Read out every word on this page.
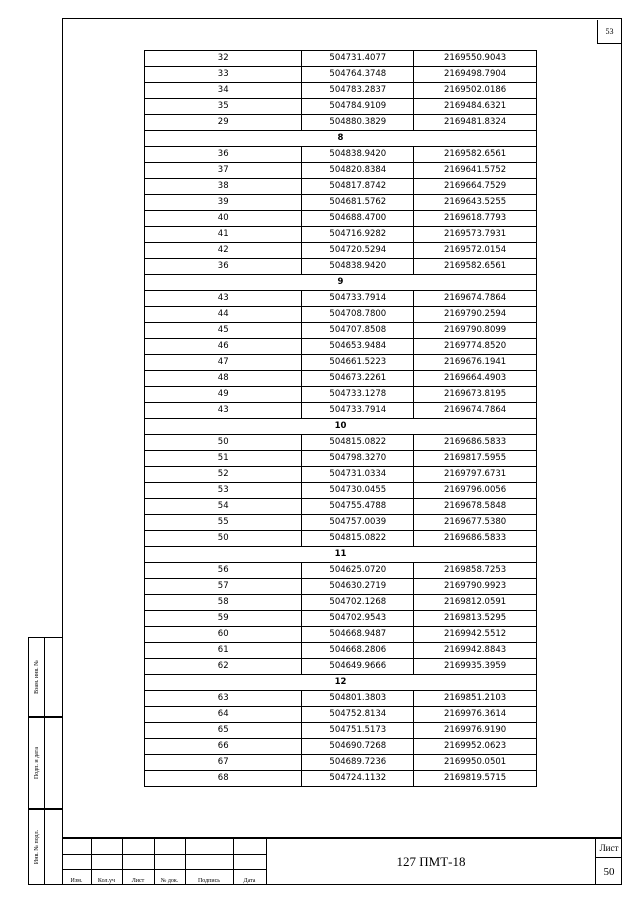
53
Взам. инв. №
Подп. и дата
Инв. № подл.
32	504731.4077	2169550.9043
33	504764.3748	2169498.7904
34	504783.2837	2169502.0186
35	504784.9109	2169484.6321
29	504880.3829	2169481.8324
8		
36	504838.9420	2169582.6561
37	504820.8384	2169641.5752
38	504817.8742	2169664.7529
39	504681.5762	2169643.5255
40	504688.4700	2169618.7793
41	504716.9282	2169573.7931
42	504720.5294	2169572.0154
36	504838.9420	2169582.6561
9		
43	504733.7914	2169674.7864
44	504708.7800	2169790.2594
45	504707.8508	2169790.8099
46	504653.9484	2169774.8520
47	504661.5223	2169676.1941
48	504673.2261	2169664.4903
49	504733.1278	2169673.8195
43	504733.7914	2169674.7864
10		
50	504815.0822	2169686.5833
51	504798.3270	2169817.5955
52	504731.0334	2169797.6731
53	504730.0455	2169796.0056
54	504755.4788	2169678.5848
55	504757.0039	2169677.5380
50	504815.0822	2169686.5833
11		
56	504625.0720	2169858.7253
57	504630.2719	2169790.9923
58	504702.1268	2169812.0591
59	504702.9543	2169813.5295
60	504668.9487	2169942.5512
61	504668.2806	2169942.8843
62	504649.9666	2169935.3959
12		
63	504801.3803	2169851.2103
64	504752.8134	2169976.3614
65	504751.5173	2169976.9190
66	504690.7268	2169952.0623
67	504689.7236	2169950.0501
68	504724.1132	2169819.5715
Изм.	Кол.уч	Лист	№ док.	Подпись	Дата
127 ПМТ-18
Лист
50
